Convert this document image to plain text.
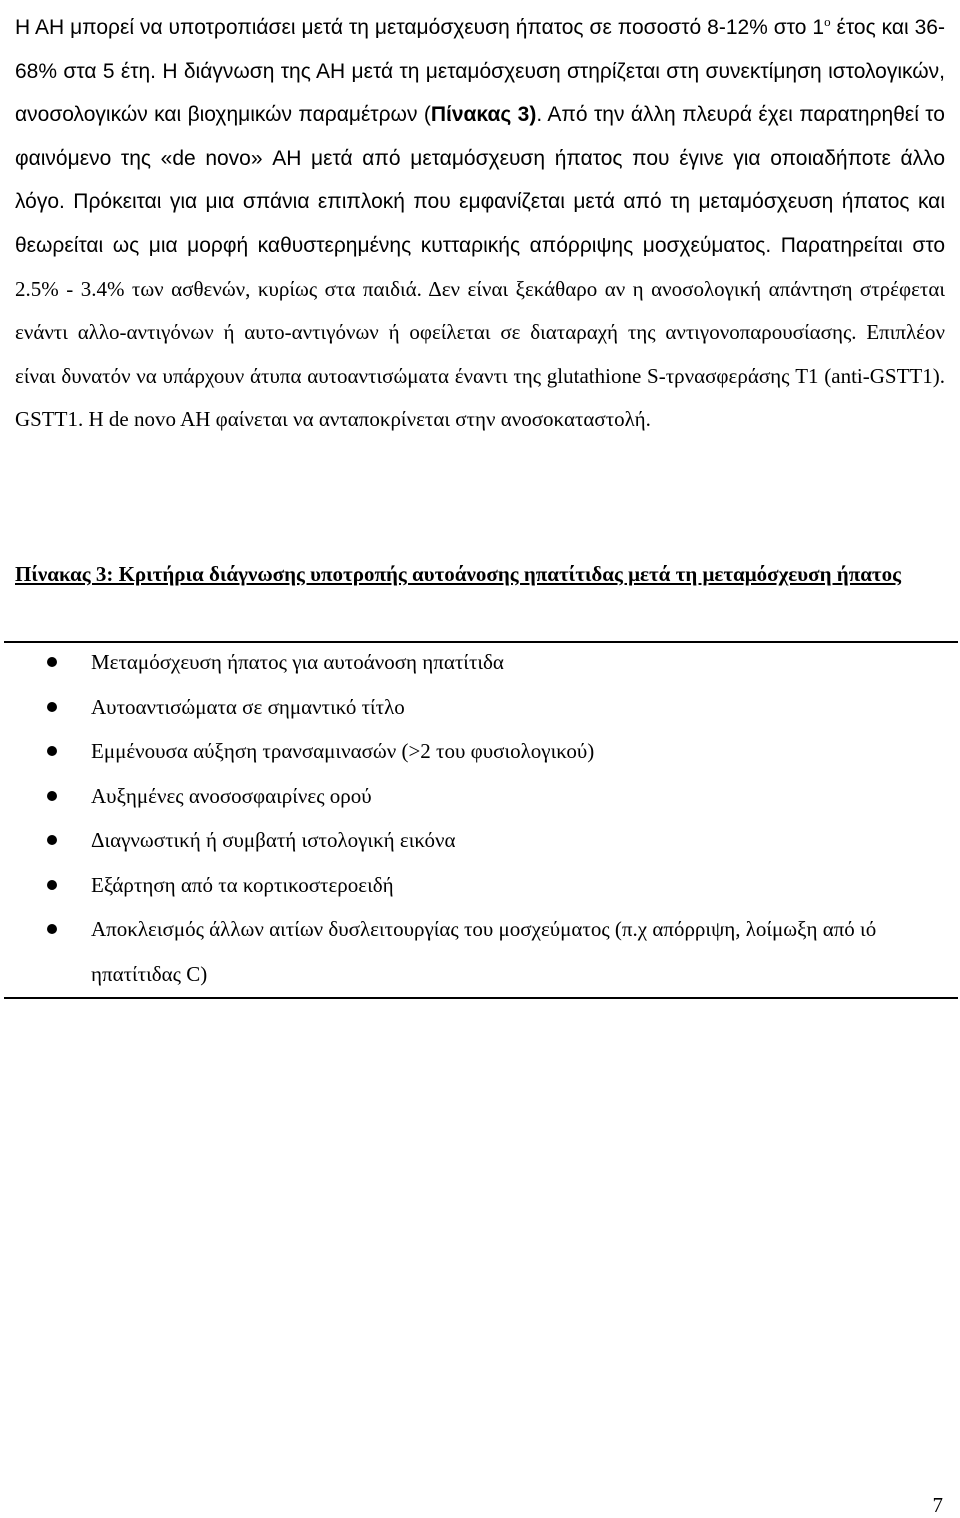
Η ΑΗ μπορεί να υποτροπιάσει μετά τη μεταμόσχευση ήπατος σε ποσοστό 8-12% στο $1^o$ έτος και 36-68% στα 5 έτη. Η διάγνωση της ΑΗ μετά τη μεταμόσχευση στηρίζεται στη συνεκτίμηση ιστολογικών, ανοσολογικών και βιοχημικών παραμέτρων (Πίνακας 3). Από την άλλη πλευρά έχει παρατηρηθεί το φαινόμενο της «de novo» ΑΗ μετά από μεταμόσχευση ήπατος που έγινε για οποιαδήποτε άλλο λόγο. Πρόκειται για μια σπάνια επιπλοκή που εμφανίζεται μετά από τη μεταμόσχευση ήπατος και θεωρείται ως μια μορφή καθυστερημένης κυτταρικής απόρριψης μοσχεύματος. Παρατηρείται στο 2.5% - 3.4% των ασθενών, κυρίως στα παιδιά. Δεν είναι ξεκάθαρο αν η ανοσολογική απάντηση στρέφεται ενάντι αλλο-αντιγόνων ή αυτο-αντιγόνων ή οφείλεται σε διαταραχή της αντιγονοπαρουσίασης. Επιπλέον είναι δυνατόν να υπάρχουν άτυπα αυτοαντισώματα έναντι της glutathione S-τρνασφεράσης T1 (anti-GSTT1). GSTT1. Η de novo AH φαίνεται να ανταποκρίνεται στην ανοσοκαταστολή.

Πίνακας 3: Κριτήρια διάγνωσης υποτροπής αυτοάνοσης ηπατίτιδας μετά τη μεταμόσχευση ήπατος
Μεταμόσχευση ήπατος για αυτοάνοση ηπατίτιδα
Αυτοαντισώματα σε σημαντικό τίτλο
Εμμένουσα αύξηση τρανσαμινασών (>2 του φυσιολογικού)
Αυξημένες ανοσοσφαιρίνες ορού
Διαγνωστική ή συμβατή ιστολογική εικόνα
Εξάρτηση από τα κορτικοστεροειδή
Αποκλεισμός άλλων αιτίων δυσλειτουργίας του μοσχεύματος (π.χ απόρριψη, λοίμωξη από ιό ηπατίτιδας C)
7
